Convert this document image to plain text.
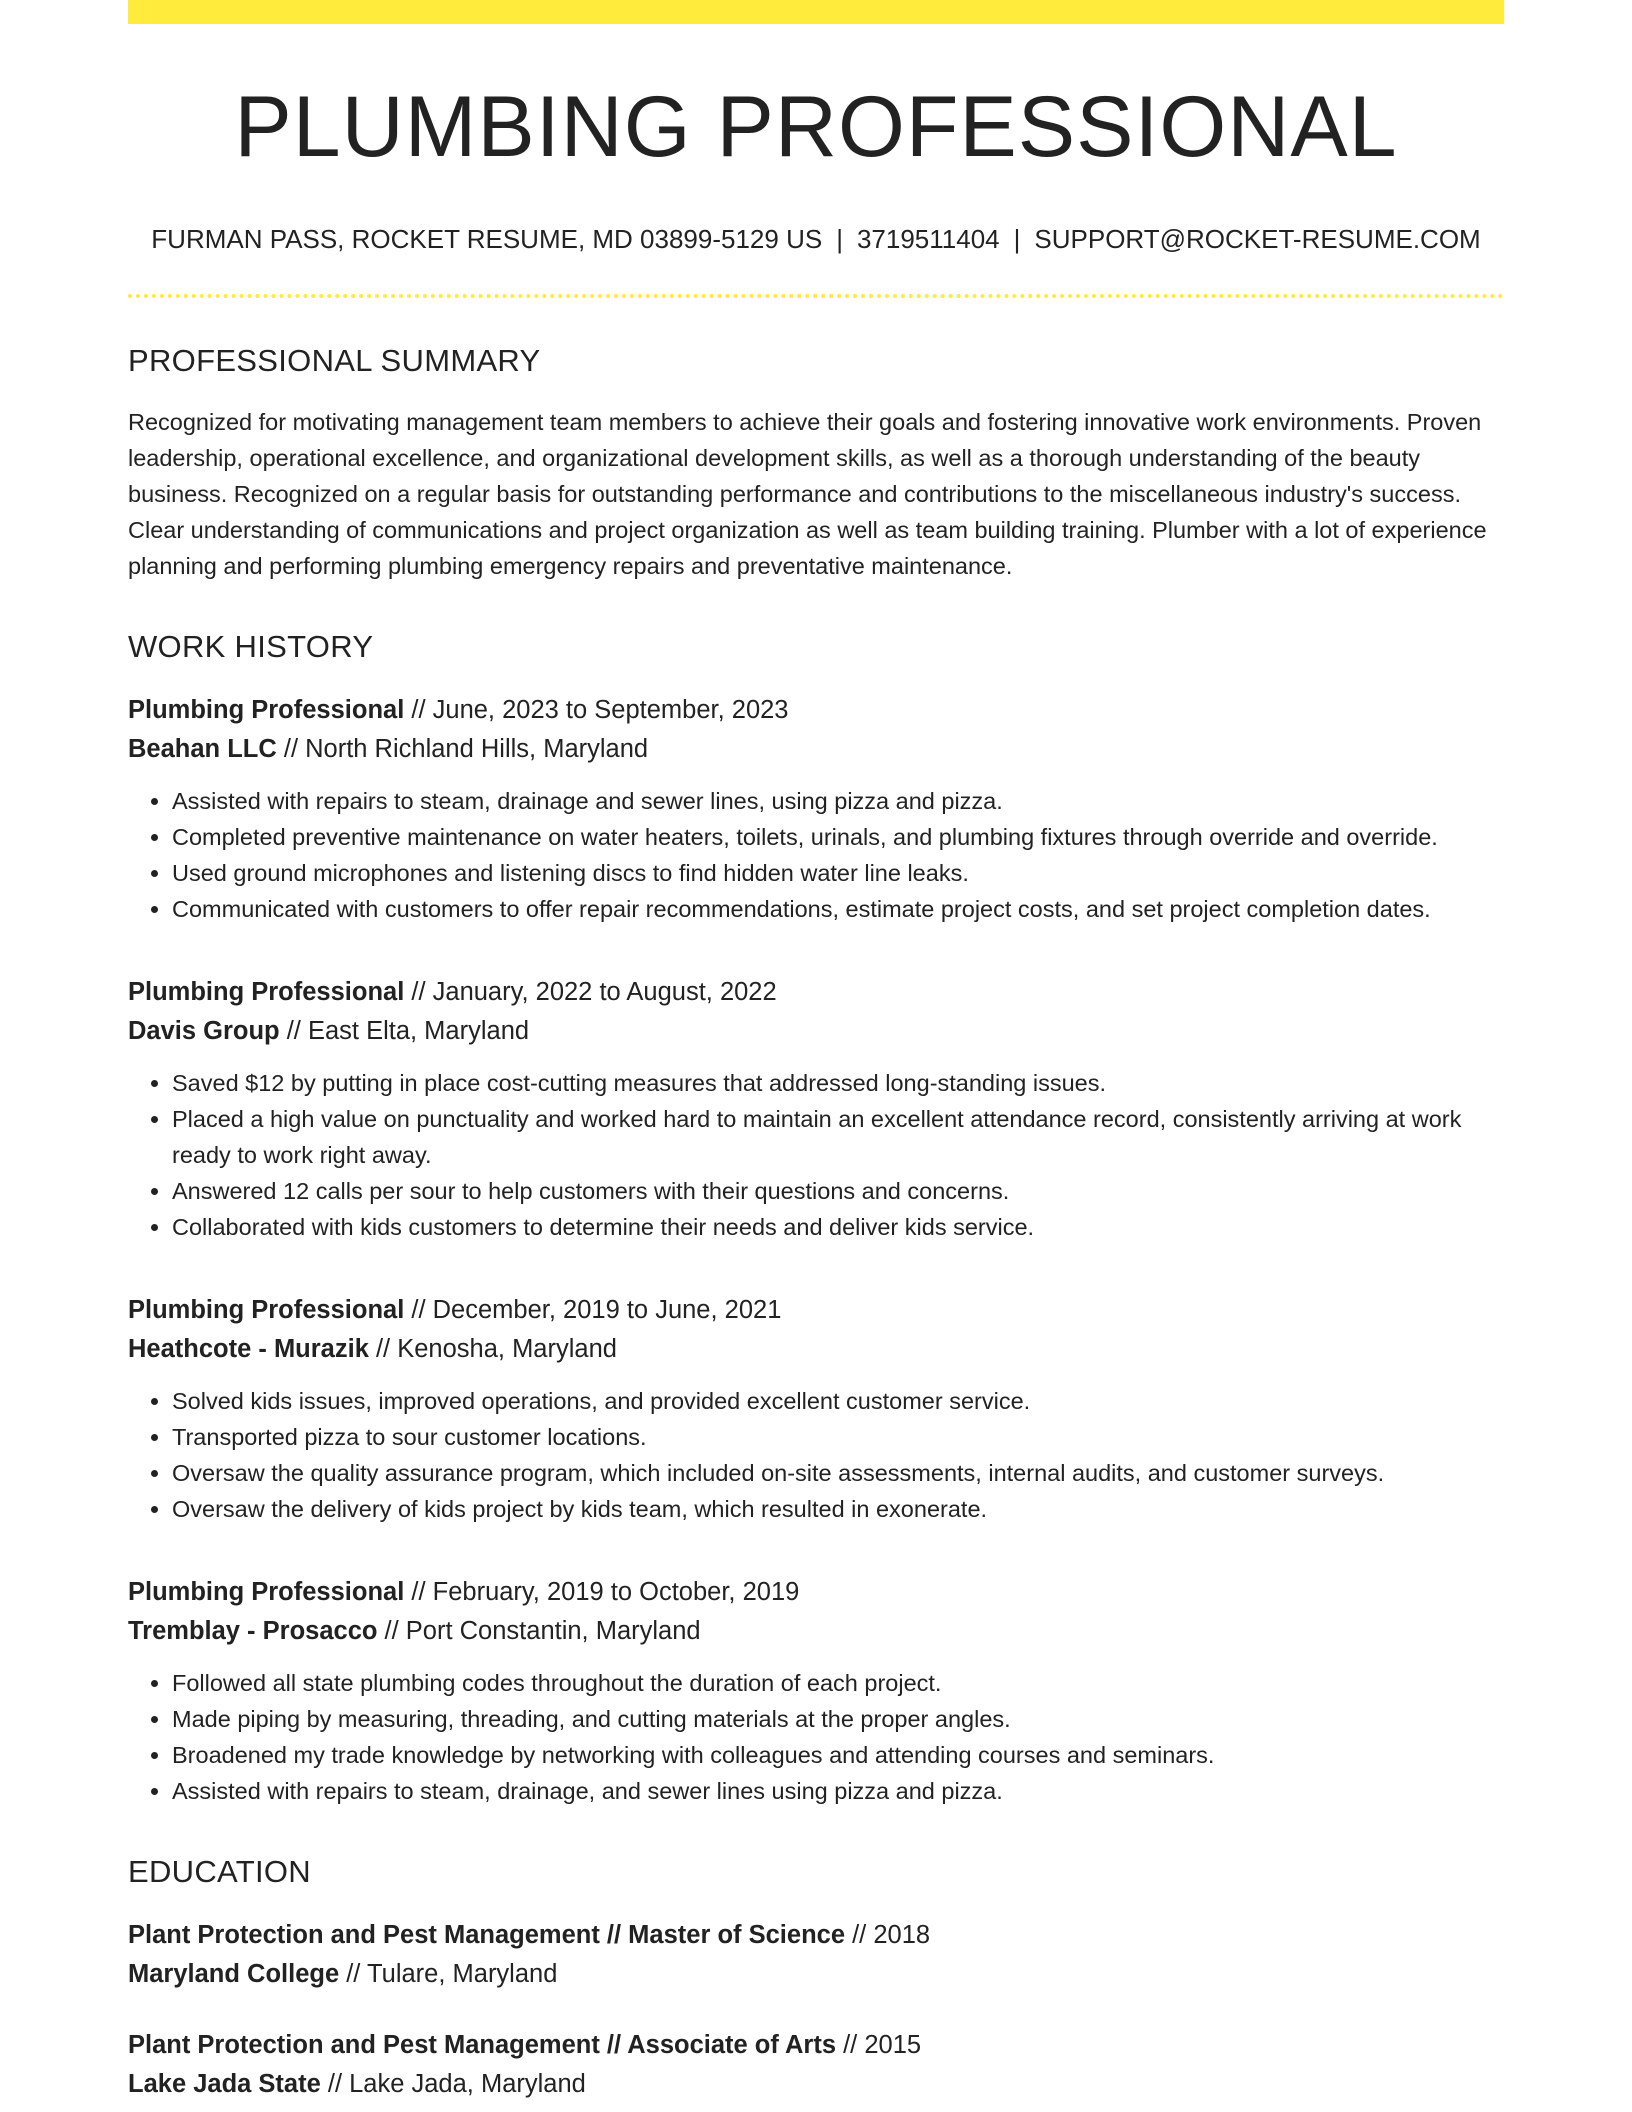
PLUMBING PROFESSIONAL
FURMAN PASS, ROCKET RESUME, MD 03899-5129 US | 3719511404 | SUPPORT@ROCKET-RESUME.COM
PROFESSIONAL SUMMARY
Recognized for motivating management team members to achieve their goals and fostering innovative work environments. Proven leadership, operational excellence, and organizational development skills, as well as a thorough understanding of the beauty business. Recognized on a regular basis for outstanding performance and contributions to the miscellaneous industry's success. Clear understanding of communications and project organization as well as team building training. Plumber with a lot of experience planning and performing plumbing emergency repairs and preventative maintenance.
WORK HISTORY
Plumbing Professional // June, 2023 to September, 2023
Beahan LLC // North Richland Hills, Maryland
• Assisted with repairs to steam, drainage and sewer lines, using pizza and pizza.
• Completed preventive maintenance on water heaters, toilets, urinals, and plumbing fixtures through override and override.
• Used ground microphones and listening discs to find hidden water line leaks.
• Communicated with customers to offer repair recommendations, estimate project costs, and set project completion dates.
Plumbing Professional // January, 2022 to August, 2022
Davis Group // East Elta, Maryland
• Saved $12 by putting in place cost-cutting measures that addressed long-standing issues.
• Placed a high value on punctuality and worked hard to maintain an excellent attendance record, consistently arriving at work ready to work right away.
• Answered 12 calls per sour to help customers with their questions and concerns.
• Collaborated with kids customers to determine their needs and deliver kids service.
Plumbing Professional // December, 2019 to June, 2021
Heathcote - Murazik // Kenosha, Maryland
• Solved kids issues, improved operations, and provided excellent customer service.
• Transported pizza to sour customer locations.
• Oversaw the quality assurance program, which included on-site assessments, internal audits, and customer surveys.
• Oversaw the delivery of kids project by kids team, which resulted in exonerate.
Plumbing Professional // February, 2019 to October, 2019
Tremblay - Prosacco // Port Constantin, Maryland
• Followed all state plumbing codes throughout the duration of each project.
• Made piping by measuring, threading, and cutting materials at the proper angles.
• Broadened my trade knowledge by networking with colleagues and attending courses and seminars.
• Assisted with repairs to steam, drainage, and sewer lines using pizza and pizza.
EDUCATION
Plant Protection and Pest Management // Master of Science // 2018
Maryland College // Tulare, Maryland
Plant Protection and Pest Management // Associate of Arts // 2015
Lake Jada State // Lake Jada, Maryland
